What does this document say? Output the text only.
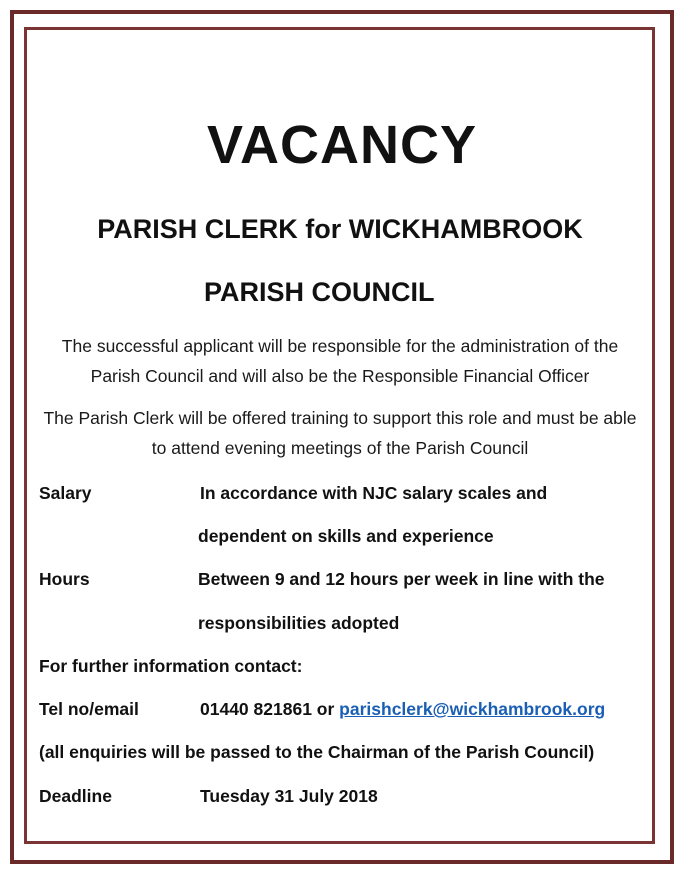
VACANCY
PARISH CLERK for WICKHAMBROOK
PARISH COUNCIL

The successful applicant will be responsible for the administration of the Parish Council and will also be the Responsible Financial Officer

The Parish Clerk will be offered training to support this role and must be able to attend evening meetings of the Parish Council

Salary	In accordance with NJC salary scales and
dependent on skills and experience
Hours	Between 9 and 12 hours per week in line with the
responsibilities adopted
For further information contact:
Tel no/email	01440 821861 or parishclerk@wickhambrook.org
(all enquiries will be passed to the Chairman of the Parish Council)
Deadline	Tuesday 31 July 2018
